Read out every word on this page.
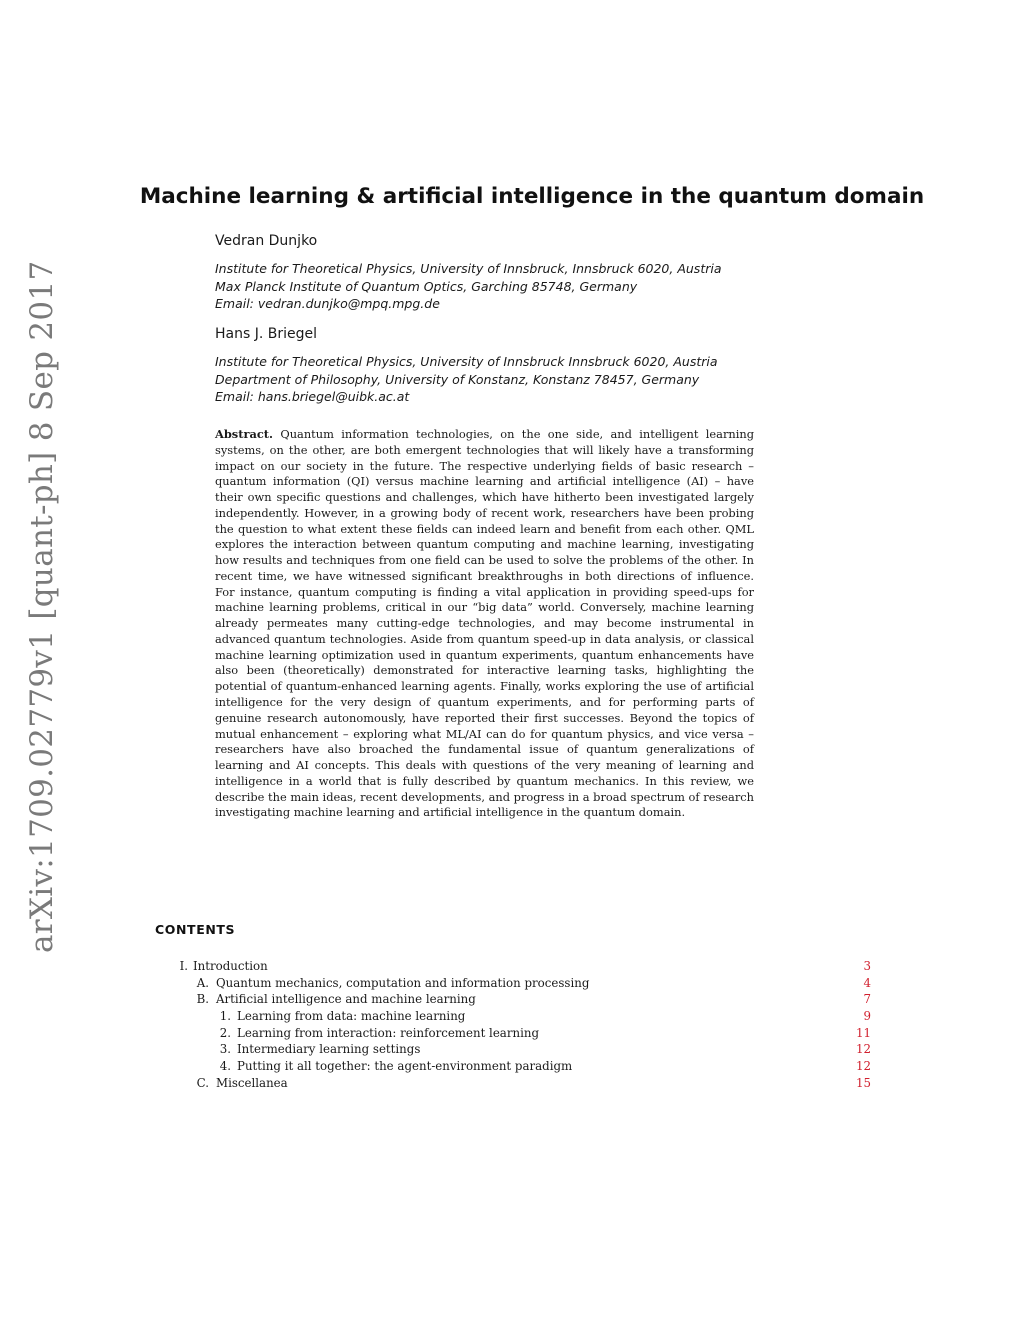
arXiv:1709.02779v1 [quant-ph] 8 Sep 2017
Machine learning & artificial intelligence in the quantum domain
Vedran Dunjko
Institute for Theoretical Physics, University of Innsbruck, Innsbruck 6020, Austria
Max Planck Institute of Quantum Optics, Garching 85748, Germany
Email: vedran.dunjko@mpq.mpg.de
Hans J. Briegel
Institute for Theoretical Physics, University of Innsbruck Innsbruck 6020, Austria
Department of Philosophy, University of Konstanz, Konstanz 78457, Germany
Email: hans.briegel@uibk.ac.at

Abstract. Quantum information technologies, on the one side, and intelligent learning systems, on the other, are both emergent technologies that will likely have a transforming impact on our society in the future. The respective underlying fields of basic research – quantum information (QI) versus machine learning and artificial intelligence (AI) – have their own specific questions and challenges, which have hitherto been investigated largely independently. However, in a growing body of recent work, researchers have been probing the question to what extent these fields can indeed learn and benefit from each other. QML explores the interaction between quantum computing and machine learning, investigating how results and techniques from one field can be used to solve the problems of the other. In recent time, we have witnessed significant breakthroughs in both directions of influence. For instance, quantum computing is finding a vital application in providing speed-ups for machine learning problems, critical in our “big data” world. Conversely, machine learning already permeates many cutting-edge technologies, and may become instrumental in advanced quantum technologies. Aside from quantum speed-up in data analysis, or classical machine learning optimization used in quantum experiments, quantum enhancements have also been (theoretically) demonstrated for interactive learning tasks, highlighting the potential of quantum-enhanced learning agents. Finally, works exploring the use of artificial intelligence for the very design of quantum experiments, and for performing parts of genuine research autonomously, have reported their first successes. Beyond the topics of mutual enhancement – exploring what ML/AI can do for quantum physics, and vice versa – researchers have also broached the fundamental issue of quantum generalizations of learning and AI concepts. This deals with questions of the very meaning of learning and intelligence in a world that is fully described by quantum mechanics. In this review, we describe the main ideas, recent developments, and progress in a broad spectrum of research investigating machine learning and artificial intelligence in the quantum domain.

CONTENTS
I. Introduction	3
A. Quantum mechanics, computation and information processing	4
B. Artificial intelligence and machine learning	7
1. Learning from data: machine learning	9
2. Learning from interaction: reinforcement learning	11
3. Intermediary learning settings	12
4. Putting it all together: the agent-environment paradigm	12
C. Miscellanea	15
